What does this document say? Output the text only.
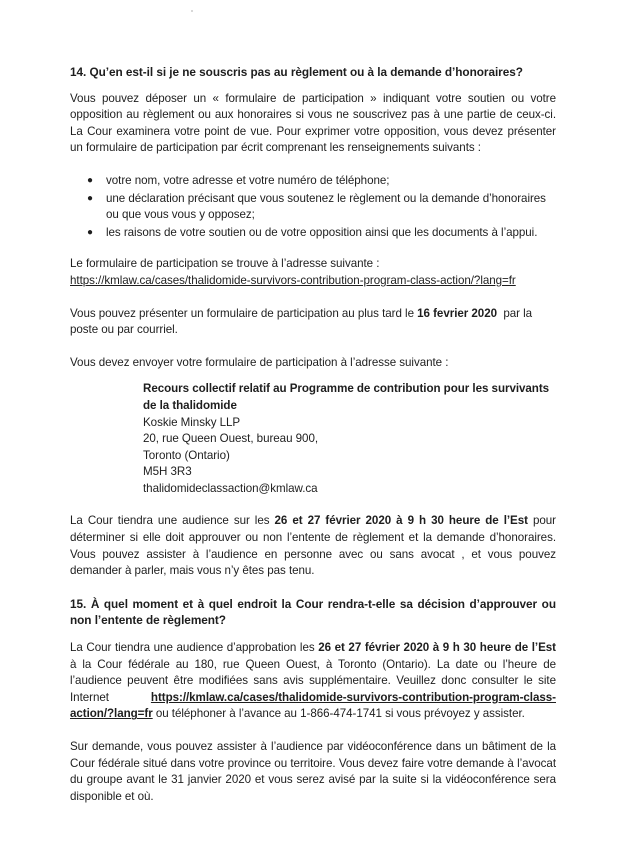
14. Qu’en est-il si je ne souscris pas au règlement ou à la demande d’honoraires?

Vous pouvez déposer un « formulaire de participation » indiquant votre soutien ou votre opposition au règlement ou aux honoraires si vous ne souscrivez pas à une partie de ceux-ci. La Cour examinera votre point de vue. Pour exprimer votre opposition, vous devez présenter un formulaire de participation par écrit comprenant les renseignements suivants :

● votre nom, votre adresse et votre numéro de téléphone;
● une déclaration précisant que vous soutenez le règlement ou la demande d’honoraires ou que vous vous y opposez;
● les raisons de votre soutien ou de votre opposition ainsi que les documents à l’appui.

Le formulaire de participation se trouve à l’adresse suivante :
https://kmlaw.ca/cases/thalidomide-survivors-contribution-program-class-action/?lang=fr

Vous pouvez présenter un formulaire de participation au plus tard le 16 fevrier 2020  par la poste ou par courriel.

Vous devez envoyer votre formulaire de participation à l’adresse suivante :

Recours collectif relatif au Programme de contribution pour les survivants de la thalidomide
Koskie Minsky LLP
20, rue Queen Ouest, bureau 900,
Toronto (Ontario)
M5H 3R3
thalidomideclassaction@kmlaw.ca

La Cour tiendra une audience sur les 26 et 27 février 2020 à 9 h 30 heure de l’Est pour déterminer si elle doit approuver ou non l’entente de règlement et la demande d’honoraires. Vous pouvez assister à l’audience en personne avec ou sans avocat , et vous pouvez demander à parler, mais vous n’y êtes pas tenu.

15. À quel moment et à quel endroit la Cour rendra-t-elle sa décision d’approuver ou non l’entente de règlement?

La Cour tiendra une audience d’approbation les 26 et 27 février 2020 à 9 h 30 heure de l’Est à la Cour fédérale au 180, rue Queen Ouest, à Toronto (Ontario). La date ou l’heure de l’audience peuvent être modifiées sans avis supplémentaire. Veuillez donc consulter le site Internet https://kmlaw.ca/cases/thalidomide-survivors-contribution-program-class-action/?lang=fr ou téléphoner à l’avance au 1-866-474-1741 si vous prévoyez y assister.

Sur demande, vous pouvez assister à l’audience par vidéoconférence dans un bâtiment de la Cour fédérale situé dans votre province ou territoire. Vous devez faire votre demande à l’avocat du groupe avant le 31 janvier 2020 et vous serez avisé par la suite si la vidéoconférence sera disponible et où.
